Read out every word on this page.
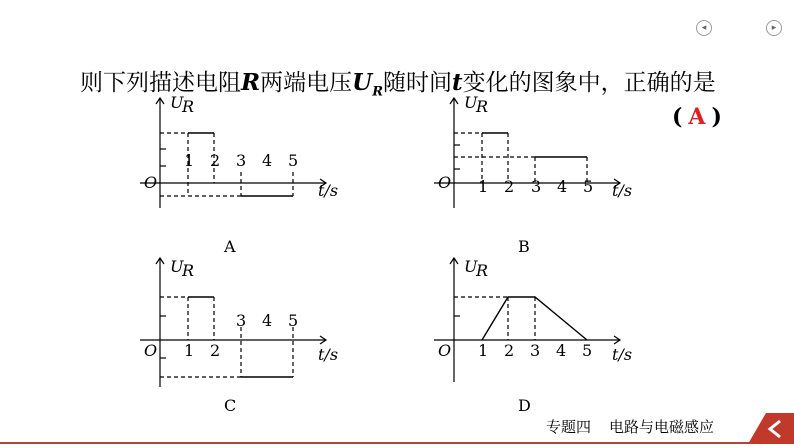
◂	▸
则下列描述电阻R两端电压$U_R$随时间t变化的图象中，正确的是
( A )
O
U
R
1 2 3 4 5
t/s
A
O
U
R
1 2 3 4 5 t/s
B
O
U
R
1 2
3 4 5
t/s
C
O
U
R
1 2 3 4 5 t/s
D
专题四 电路与电磁感应
